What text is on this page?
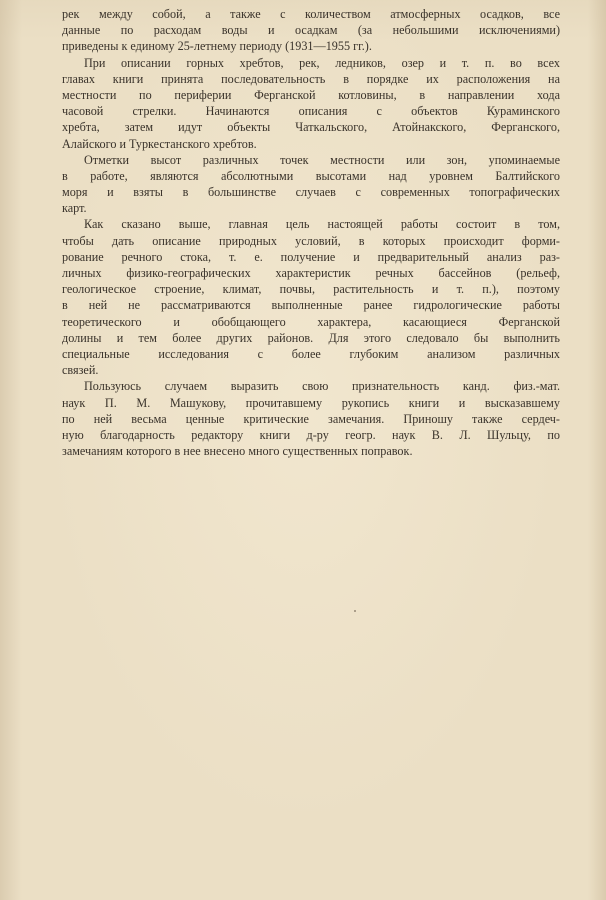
рек между собой, а также с количеством атмосферных осадков, все
данные по расходам воды и осадкам (за небольшими исключениями)
приведены к единому 25-летнему периоду (1931—1955 гг.).
При описании горных хребтов, рек, ледников, озер и т. п. во всех
главах книги принята последовательность в порядке их расположения на
местности по периферии Ферганской котловины, в направлении хода
часовой стрелки. Начинаются описания с объектов Кураминского
хребта, затем идут объекты Чаткальского, Атойнакского, Ферганского,
Алайского и Туркестанского хребтов.
Отметки высот различных точек местности или зон, упоминаемые
в работе, являются абсолютными высотами над уровнем Балтийского
моря и взяты в большинстве случаев с современных топографических
карт.
Как сказано выше, главная цель настоящей работы состоит в том,
чтобы дать описание природных условий, в которых происходит форми-
рование речного стока, т. е. получение и предварительный анализ раз-
личных физико-географических характеристик речных бассейнов (рельеф,
геологическое строение, климат, почвы, растительность и т. п.), поэтому
в ней не рассматриваются выполненные ранее гидрологические работы
теоретического и обобщающего характера, касающиеся Ферганской
долины и тем более других районов. Для этого следовало бы выполнить
специальные исследования с более глубоким анализом различных
связей.
Пользуюсь случаем выразить свою признательность канд. физ.-мат.
наук П. М. Машукову, прочитавшему рукопись книги и высказавшему
по ней весьма ценные критические замечания. Приношу также сердеч-
ную благодарность редактору книги д-ру геогр. наук В. Л. Шульцу, по
замечаниям которого в нее внесено много существенных поправок.
